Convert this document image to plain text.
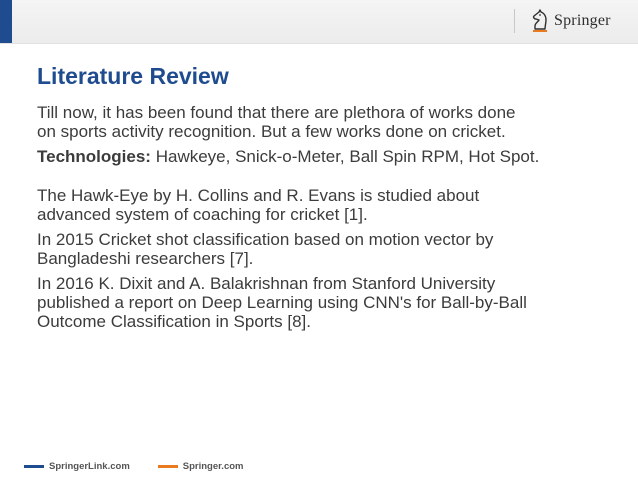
Springer
Literature Review

Till now, it has been found that there are plethora of works done
on sports activity recognition. But a few works done on cricket.

Technologies: Hawkeye, Snick-o-Meter, Ball Spin RPM, Hot Spot.

The Hawk-Eye by H. Collins and R. Evans is studied about
advanced system of coaching for cricket [1].

In 2015 Cricket shot classification based on motion vector by
Bangladeshi researchers [7].

In 2016 K. Dixit and A. Balakrishnan from Stanford University
published a report on Deep Learning using CNN's for Ball-by-Ball
Outcome Classification in Sports [8].

SpringerLink.com	Springer.com
